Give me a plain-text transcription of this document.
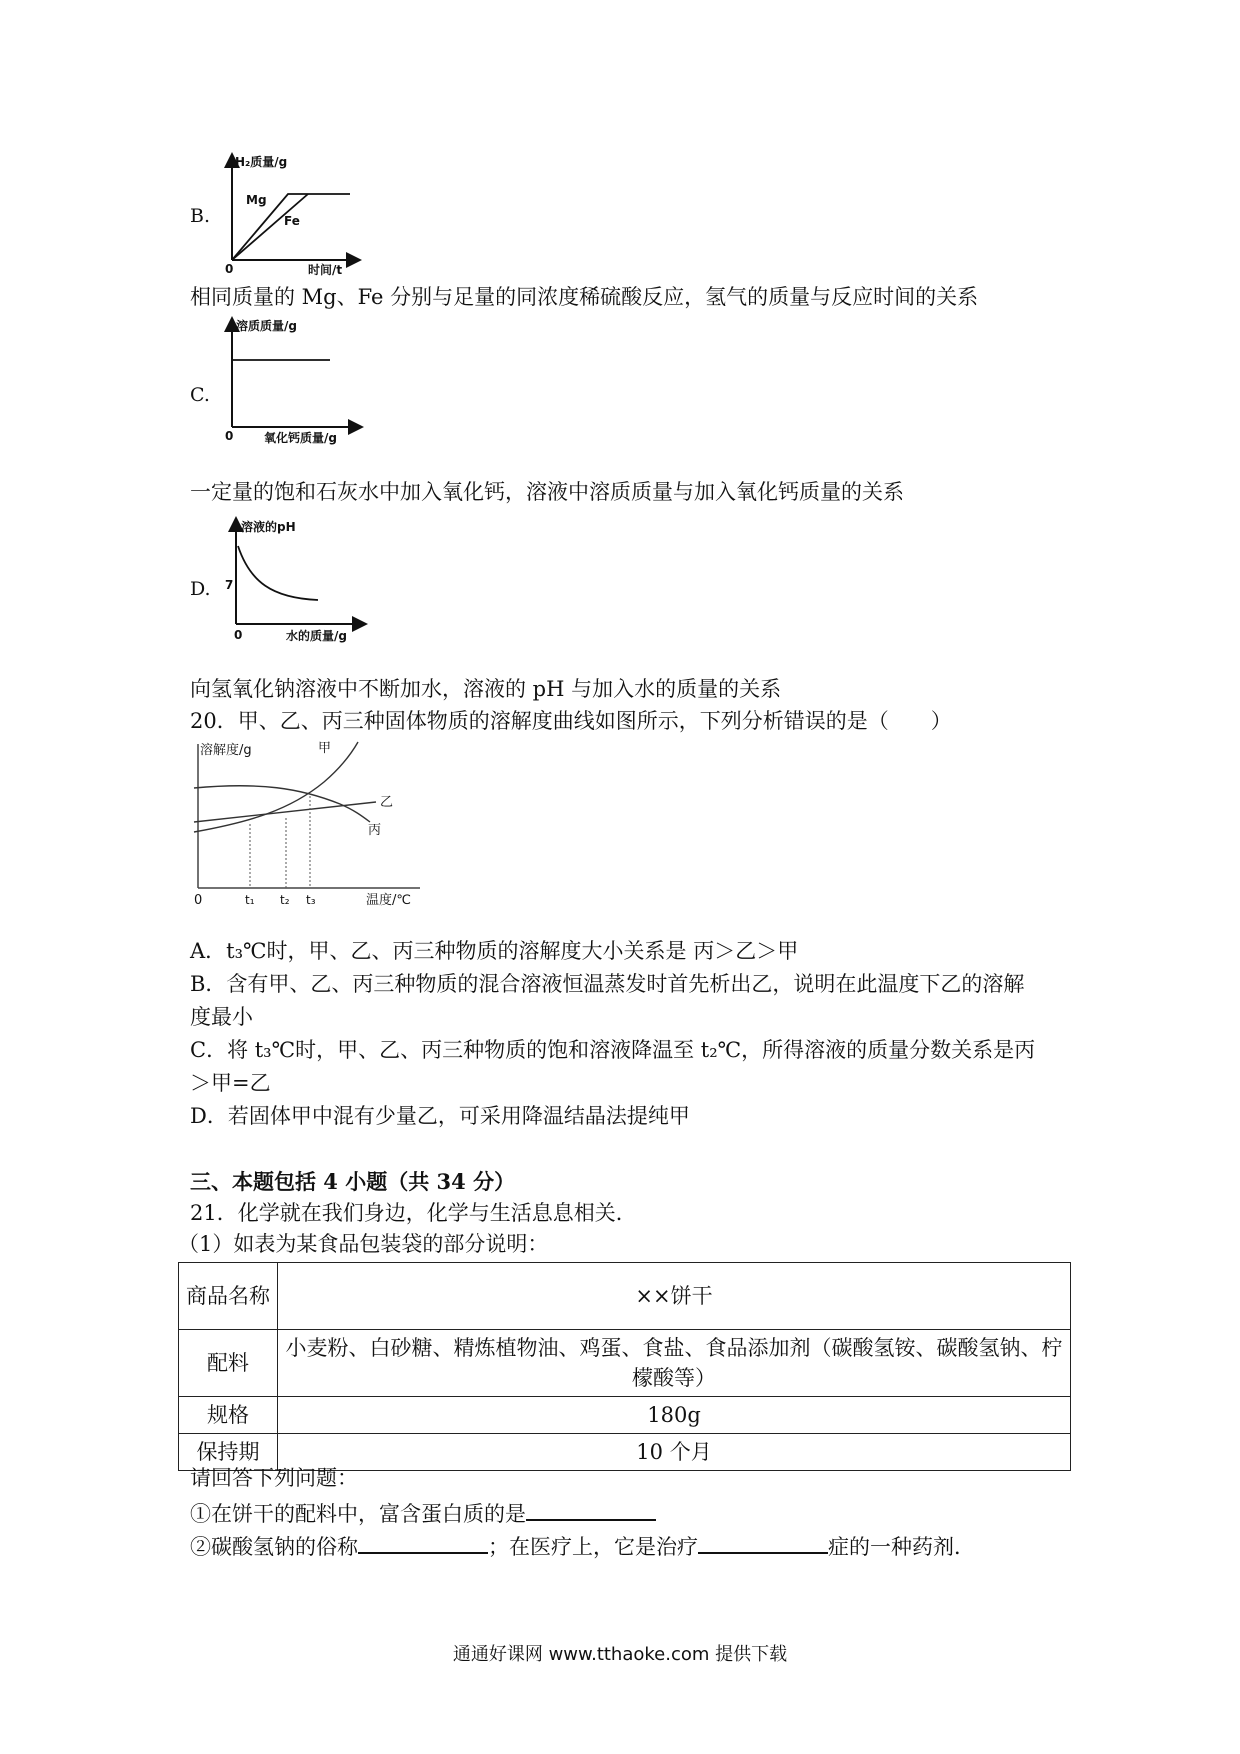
B.
H₂质量/g
Mg
Fe
0	时间/t
相同质量的 Mg、Fe 分别与足量的同浓度稀硫酸反应，氢气的质量与反应时间的关系
C.
溶质质量/g
0	氧化钙质量/g
一定量的饱和石灰水中加入氧化钙，溶液中溶质质量与加入氧化钙质量的关系
D.
溶液的pH
7
0	水的质量/g
向氢氧化钠溶液中不断加水，溶液的 pH 与加入水的质量的关系
20．甲、乙、丙三种固体物质的溶解度曲线如图所示，下列分析错误的是（　　）
溶解度/g	甲
乙
丙
0	t₁ t₂ t₃	温度/℃
A．t₃℃时，甲、乙、丙三种物质的溶解度大小关系是 丙＞乙＞甲
B．含有甲、乙、丙三种物质的混合溶液恒温蒸发时首先析出乙，说明在此温度下乙的溶解
度最小
C．将 t₃℃时，甲、乙、丙三种物质的饱和溶液降温至 t₂℃，所得溶液的质量分数关系是丙
＞甲=乙
D．若固体甲中混有少量乙，可采用降温结晶法提纯甲
三、本题包括 4 小题（共 34 分）
21．化学就在我们身边，化学与生活息息相关．
（1）如表为某食品包装袋的部分说明：
商品名称	××饼干
配料	小麦粉、白砂糖、精炼植物油、鸡蛋、食盐、食品添加剂（碳酸氢铵、碳酸氢钠、柠檬酸等）
规格	180g
保持期	10 个月
请回答下列问题：
①在饼干的配料中，富含蛋白质的是
②碳酸氢钠的俗称	；在医疗上，它是治疗	症的一种药剂．
通通好课网 www.tthaoke.com 提供下载
